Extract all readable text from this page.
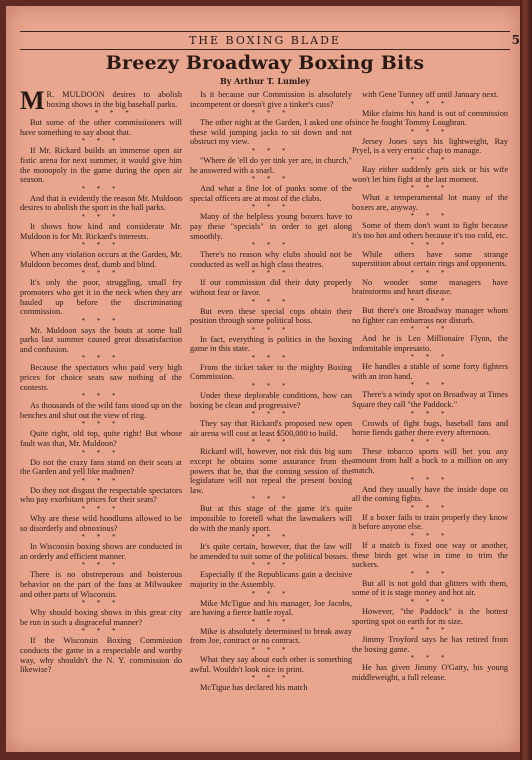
THE BOXING BLADE	5
Breezy Broadway Boxing Bits
By Arthur T. Lumley

M R. MULDOON desires to abolish boxing shows in the big baseball parks.

* * *

But some of the other commissioners will have something to say about that.

* * *

If Mr. Rickard builds an immense open air fistic arena for next summer, it would give him the monopoly in the game during the open air season.

* * *

And that is evidently the reason Mr. Muldoon desires to abolish the sport in the ball parks.

* * *

It shows how kind and considerate Mr. Muldoon is for Mr. Rickard's interests.

* * *

When any violation occurs at the Garden, Mr. Muldoon becomes deaf, dumb and blind.

* * *

It's only the poor, struggling, small fry promoters who get it in the neck when they are hauled up before the discriminating commission.

* * *

Mr. Muldoon says the bouts at some ball parks last summer caused great dissatisfaction and confusion.

* * *

Because the spectators who paid very high prices for choice seats saw nothing of the contests.

* * *

As thousands of the wild fans stood up on the benches and shut out the view of ring.

* * *

Quite right, old top, quite right! But whose fault was that, Mr. Muldoon?

* * *

Do not the crazy fans stand on their seats at the Garden and yell like madmen?

* * *

Do they not disgust the respectable spectators who pay exorbitant prices for their seats?

* * *

Why are these wild hoodlums allowed to be so disorderly and obnoxious?

* * *

In Wisconsin boxing shows are conducted in an orderly and efficient manner.

* * *

There is no obstreperous and boisterous behavior on the part of the fans at Milwaukee and other parts of Wisconsin.

* * *

Why should boxing shows in this great city be run in such a disgraceful manner?

* * *

If the Wisconsin Boxing Commission conducts the game in a respectable and worthy way, why shouldn't the N. Y. commission do likewise?

Is it because our Commission is absolutely incompetent or doesn't give a tinker's cuss?

* * *

The other night at the Garden, I asked one of these wild jumping jacks to sit down and not obstruct my view.

* * *

"Where de 'ell do yer tink yer are, in church," he answered with a snarl.

* * *

And what a fine lot of punks some of the special officers are at most of the clubs.

* * *

Many of the helpless young boxers have to pay these "specials" in order to get along smoothly.

* * *

There's no reason why clubs should not be conducted as well as high class theatres.

* * *

If our commission did their duty properly without fear or favor.

* * *

But even these special cops obtain their position through some political boss.

* * *

In fact, everything is politics in the boxing game in this state.

* * *

From the ticket taker to the mighty Boxing Commission.

* * *

Under these deplorable conditions, how can boxing be clean and progressive?

* * *

They say that Rickard's proposed new open air arena will cost at least $500,000 to build.

* * *

Rickard will, however, not risk this big sum except he obtains some assurance from the powers that be, that the coming session of the legislature will not repeal the present boxing law.

* * *

But at this stage of the game it's quite impossible to foretell what the lawmakers will do with the manly sport.

* * *

It's quite certain, however, that the law will be amended to suit some of the political bosses.

* * *

Especially if the Republicans gain a decisive majority in the Assembly.

* * *

Mike McTigue and his manager, Joe Jacobs, are having a fierce battle royal.

* * *

Mike is absolutely determined to break away from Joe, contract or no contract.

* * *

What they say about each other is something awful. Wouldn't look nice in print.

* * *

McTigue has declared his match

with Gene Tunney off until January next.

* * *

Mike claims his hand is out of commission since he fought Tommy Loughran.

* * *

Jersey Jones says his lightweight, Ray Pryel, is a very erratic chap to manage.

* * *

Ray either suddenly gets sick or his wife won't let him fight at the last moment.

* * *

What a temperamental lot many of the boxers are, anyway.

* * *

Some of them don't want to fight because it's too hot and others because it's too cold, etc.

* * *

While others have some strange superstition about certain rings and opponents.

* * *

No wonder some managers have brainstorms and heart disease.

* * *

But there's one Broadway manager whom no fighter can embarrass nor disturb.

* * *

And he is Leo Millionaire Flynn, the indomitable impresario.

* * *

He handles a stable of some forty fighters with an iron hand.

* * *

There's a windy spot on Broadway at Times Square they call "the Paddock."

* * *

Crowds of fight bugs, baseball fans and horse fiends gather there every afternoon.

* * *

These tobacco sports will bet you any amount from half a buck to a million on any match.

* * *

And they usually have the inside dope on all the coming fights.

* * *

If a boxer fails to train properly they know it before anyone else.

* * *

If a match is fixed one way or another, these birds get wise in time to trim the suckers.

* * *

But all is not gold that glitters with them, some of it is stage money and hot air.

* * *

However, "the Paddock" is the hottest sporting spot on earth for its size.

* * *

Jimmy Troyford says he has retired from the boxing game.

* * *

He has given Jimmy O'Gatty, his young middleweight, a full release.
